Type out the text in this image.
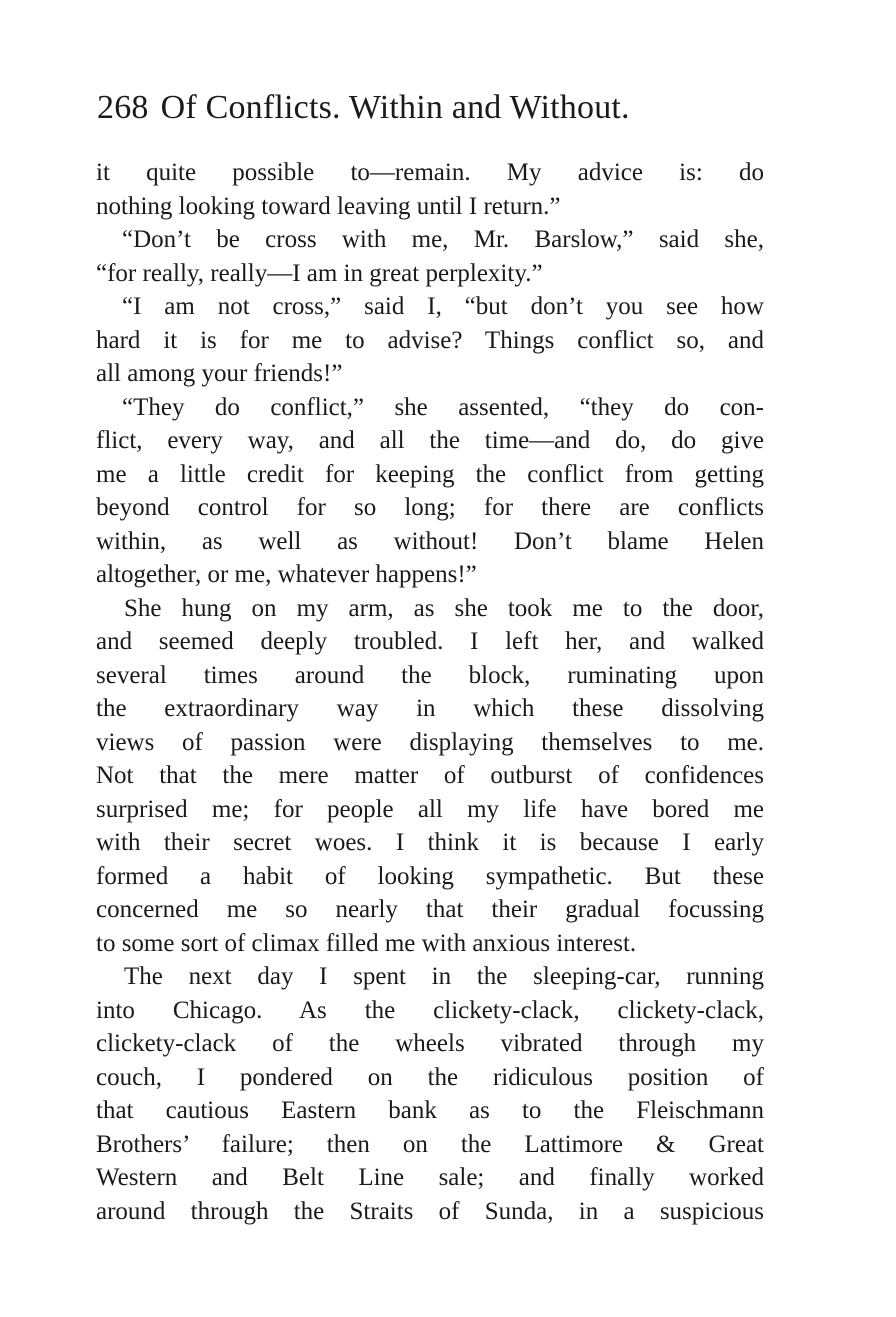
268 Of Conflicts. Within and Without.
it quite possible to—remain. My advice is: do
nothing looking toward leaving until I return.”
“Don’t be cross with me, Mr. Barslow,” said she,
“for really, really—I am in great perplexity.”
“I am not cross,” said I, “but don’t you see how
hard it is for me to advise? Things conflict so, and
all among your friends!”
“They do conflict,” she assented, “they do con-
flict, every way, and all the time—and do, do give
me a little credit for keeping the conflict from getting
beyond control for so long; for there are conflicts
within, as well as without! Don’t blame Helen
altogether, or me, whatever happens!”
She hung on my arm, as she took me to the door,
and seemed deeply troubled. I left her, and walked
several times around the block, ruminating upon
the extraordinary way in which these dissolving
views of passion were displaying themselves to me.
Not that the mere matter of outburst of confidences
surprised me; for people all my life have bored me
with their secret woes. I think it is because I early
formed a habit of looking sympathetic. But these
concerned me so nearly that their gradual focussing
to some sort of climax filled me with anxious interest.
The next day I spent in the sleeping-car, running
into Chicago. As the clickety-clack, clickety-clack,
clickety-clack of the wheels vibrated through my
couch, I pondered on the ridiculous position of
that cautious Eastern bank as to the Fleischmann
Brothers’ failure; then on the Lattimore & Great
Western and Belt Line sale; and finally worked
around through the Straits of Sunda, in a suspicious
